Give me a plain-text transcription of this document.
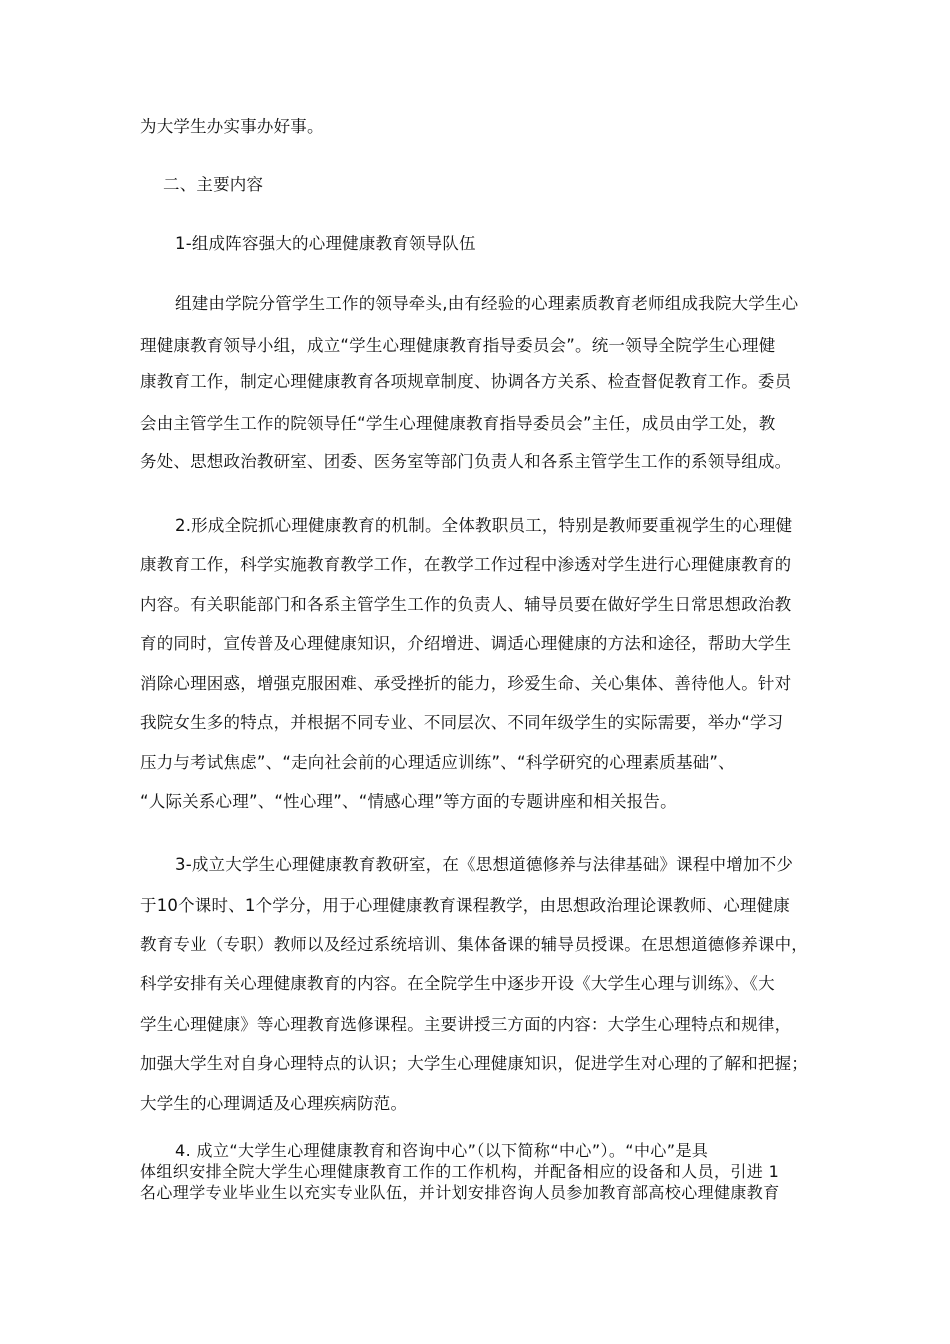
为大学生办实事办好事。
二、主要内容
1-组成阵容强大的心理健康教育领导队伍
组建由学院分管学生工作的领导牵头,由有经验的心理素质教育老师组成我院大学生心
理健康教育领导小组，成立“学生心理健康教育指导委员会”。统一领导全院学生心理健
康教育工作，制定心理健康教育各项规章制度、协调各方关系、检查督促教育工作。委员
会由主管学生工作的院领导任“学生心理健康教育指导委员会”主任，成员由学工处，教
务处、思想政治教研室、团委、医务室等部门负责人和各系主管学生工作的系领导组成。
2.形成全院抓心理健康教育的机制。全体教职员工，特别是教师要重视学生的心理健
康教育工作，科学实施教育教学工作，在教学工作过程中渗透对学生进行心理健康教育的
内容。有关职能部门和各系主管学生工作的负责人、辅导员要在做好学生日常思想政治教
育的同时，宣传普及心理健康知识，介绍增进、调适心理健康的方法和途径，帮助大学生
消除心理困惑，增强克服困难、承受挫折的能力，珍爱生命、关心集体、善待他人。针对
我院女生多的特点，并根据不同专业、不同层次、不同年级学生的实际需要，举办“学习
压力与考试焦虑”、“走向社会前的心理适应训练”、“科学研究的心理素质基础”、
“人际关系心理”、“性心理”、“情感心理”等方面的专题讲座和相关报告。
3-成立大学生心理健康教育教研室，在《思想道德修养与法律基础》课程中增加不少
于10个课时、1个学分，用于心理健康教育课程教学，由思想政治理论课教师、心理健康
教育专业（专职）教师以及经过系统培训、集体备课的辅导员授课。在思想道德修养课中，
科学安排有关心理健康教育的内容。在全院学生中逐步开设《大学生心理与训练》、《大
学生心理健康》等心理教育选修课程。主要讲授三方面的内容：大学生心理特点和规律，
加强大学生对自身心理特点的认识；大学生心理健康知识，促进学生对心理的了解和把握；
大学生的心理调适及心理疾病防范。
4. 成立“大学生心理健康教育和咨询中心”（以下简称“中心”）。“中心”是具
体组织安排全院大学生心理健康教育工作的工作机构，并配备相应的设备和人员，引进 1
名心理学专业毕业生以充实专业队伍，并计划安排咨询人员参加教育部高校心理健康教育
